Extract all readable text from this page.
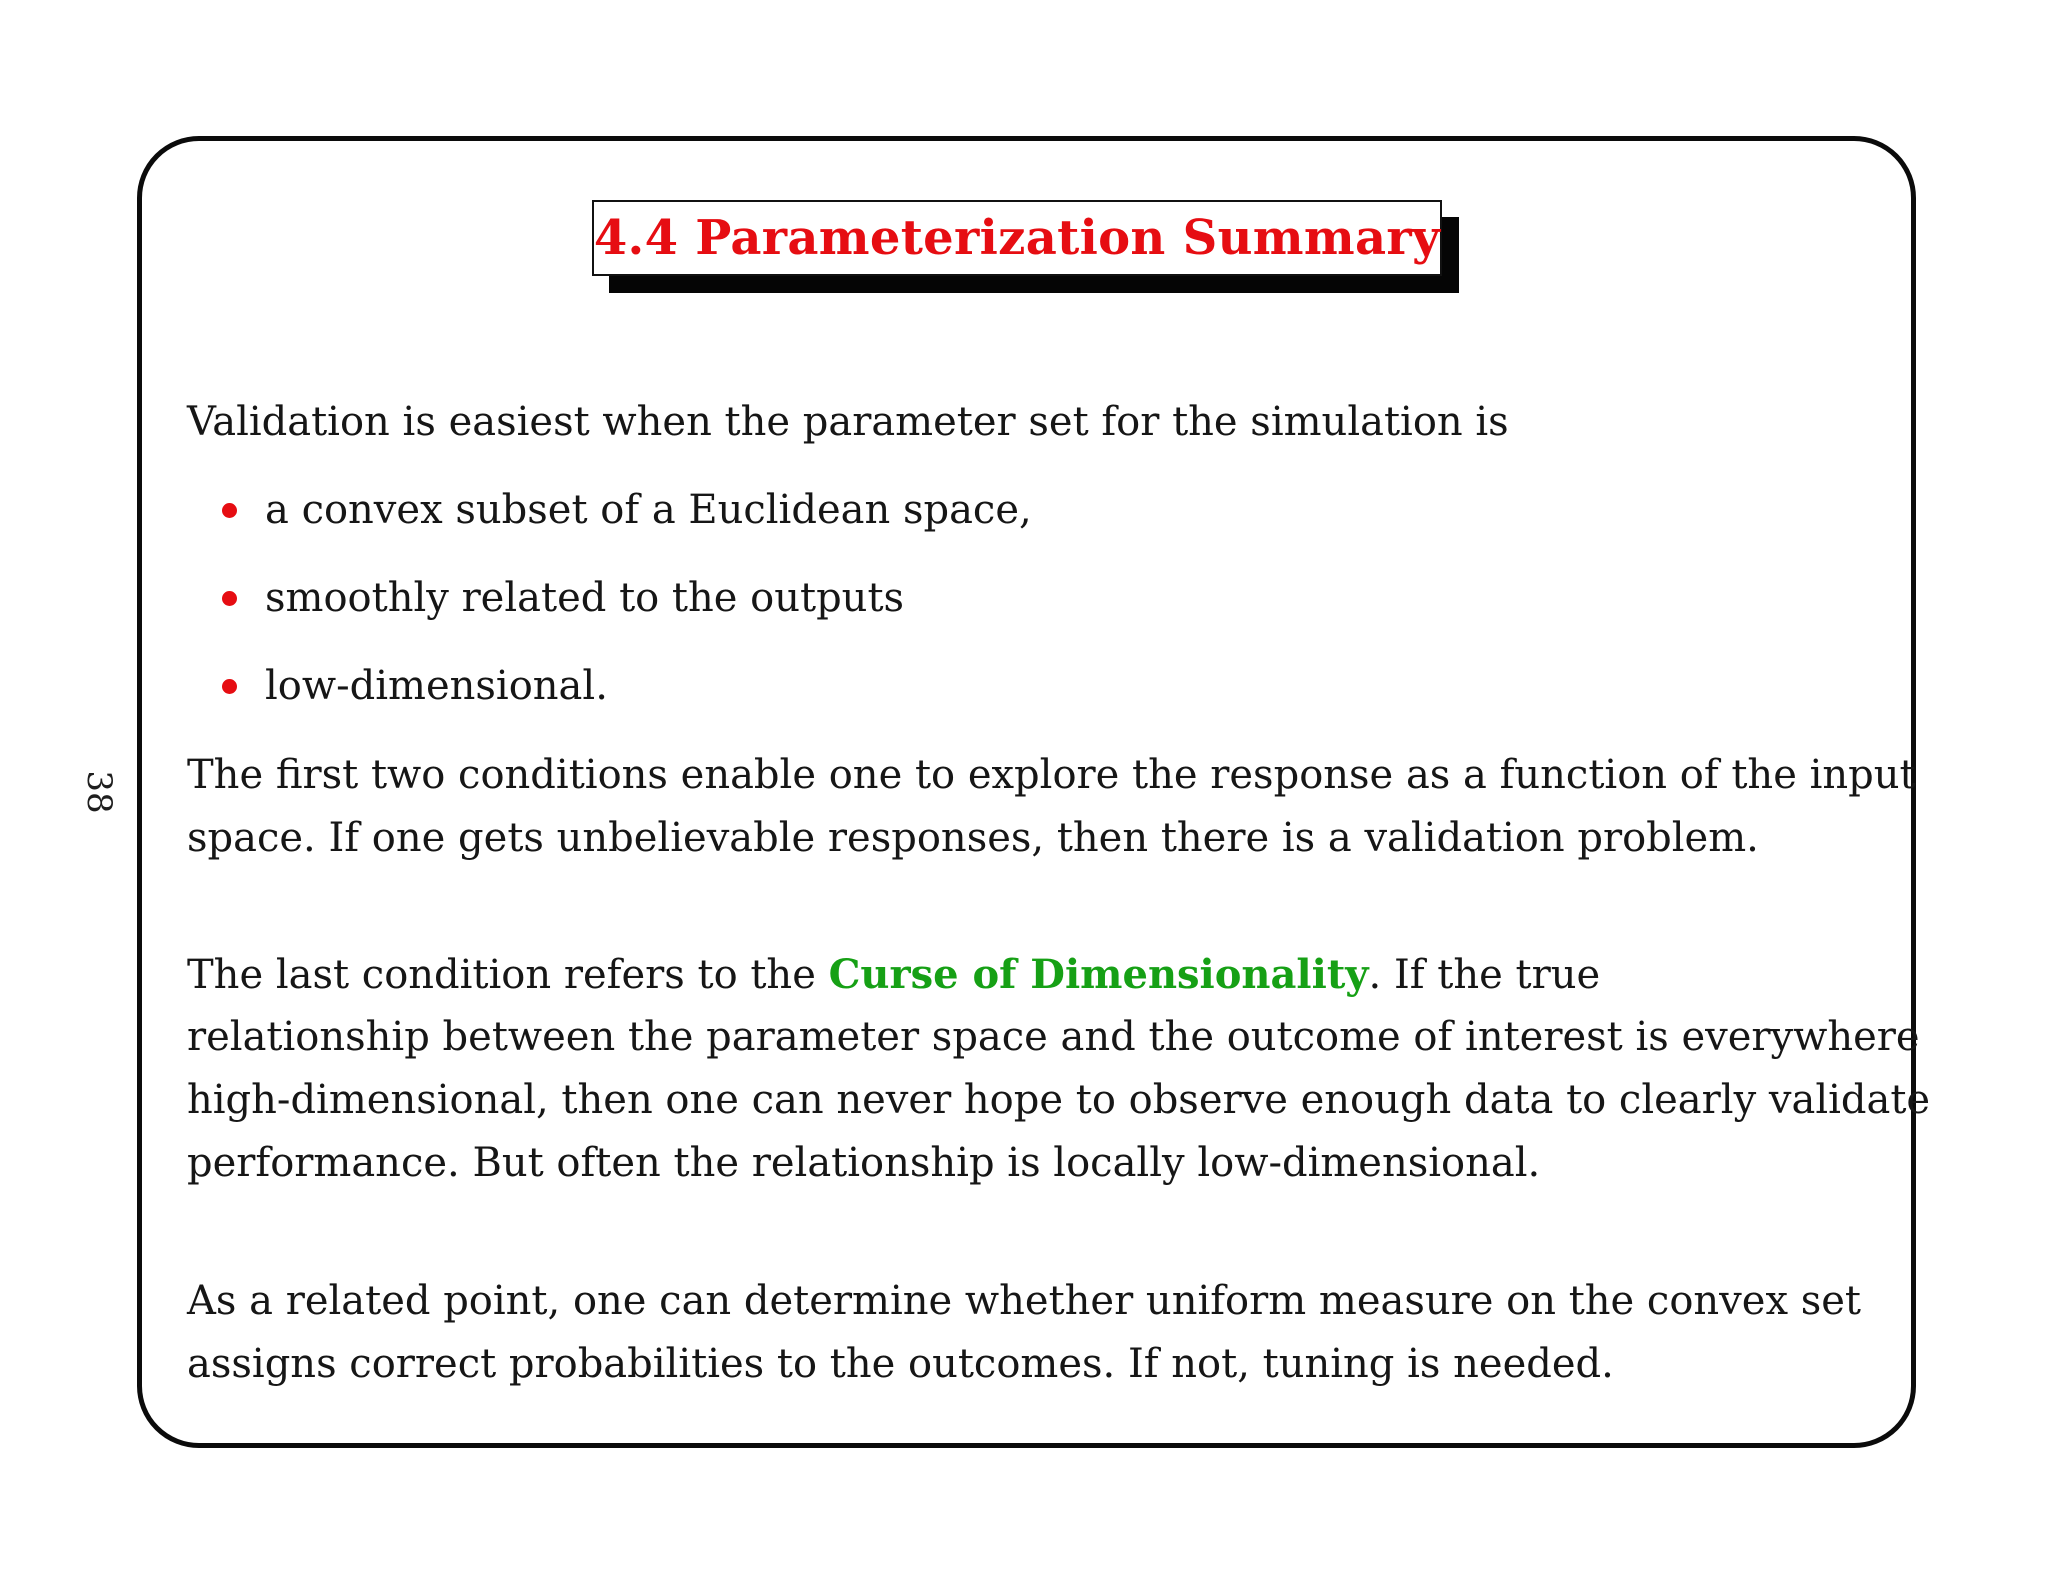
38
4.4 Parameterization Summary
Validation is easiest when the parameter set for the simulation is
a convex subset of a Euclidean space,
smoothly related to the outputs
low-dimensional.
The first two conditions enable one to explore the response as a function of the input
space. If one gets unbelievable responses, then there is a validation problem.
The last condition refers to the Curse of Dimensionality. If the true
relationship between the parameter space and the outcome of interest is everywhere
high-dimensional, then one can never hope to observe enough data to clearly validate
performance. But often the relationship is locally low-dimensional.
As a related point, one can determine whether uniform measure on the convex set
assigns correct probabilities to the outcomes. If not, tuning is needed.
